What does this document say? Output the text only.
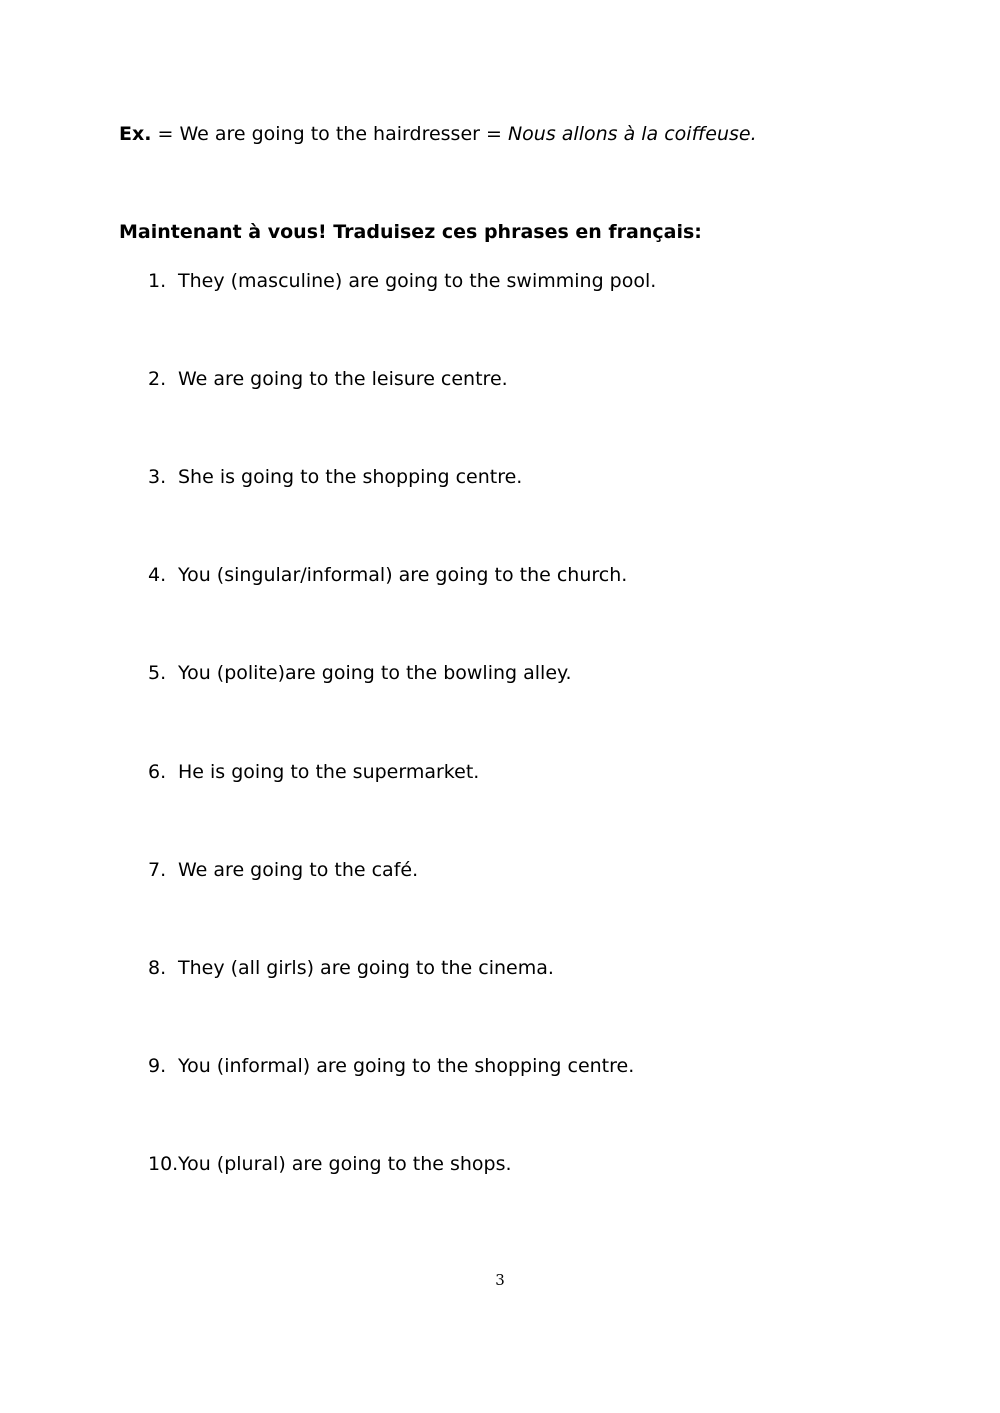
Ex. = We are going to the hairdresser = Nous allons à la coiffeuse.
Maintenant à vous! Traduisez ces phrases en français:
1. They (masculine) are going to the swimming pool.
2. We are going to the leisure centre.
3. She is going to the shopping centre.
4. You (singular/informal) are going to the church.
5. You (polite)are going to the bowling alley.
6. He is going to the supermarket.
7. We are going to the café.
8. They (all girls) are going to the cinema.
9. You (informal) are going to the shopping centre.
10.You (plural) are going to the shops.
3
